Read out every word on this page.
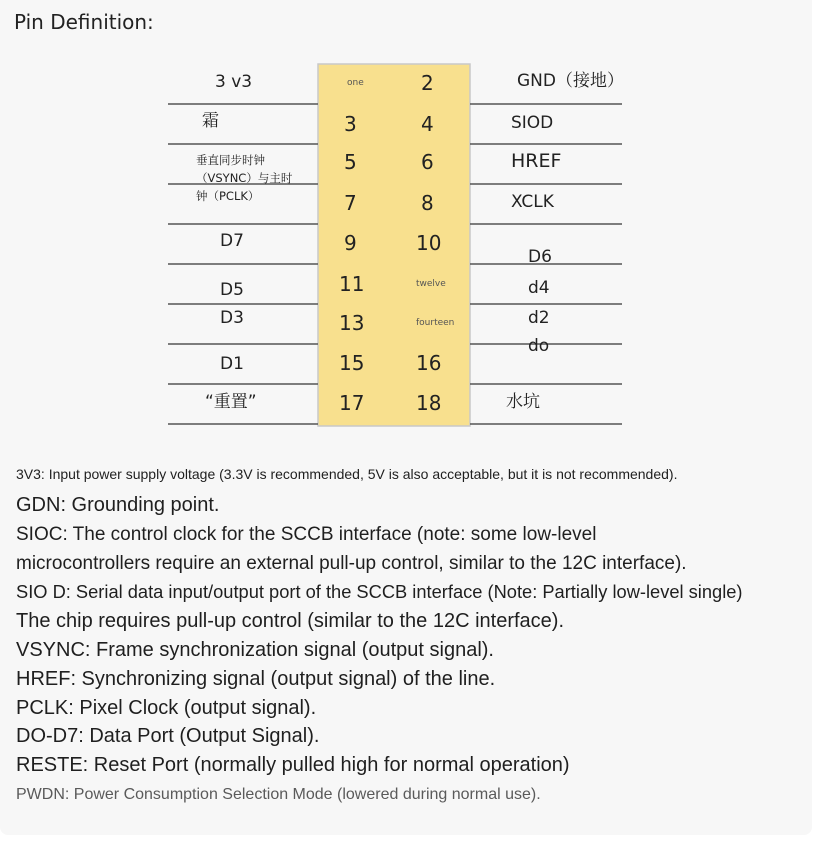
Pin Definition:
3 v3
霜
垂直同步时钟（VSYNC）与主时钟（PCLK）
D7
D5
D3
D1
“重置”
one
3
5
7
9
11
13
15
17
2
4
6
8
10
twelve
fourteen
16
18
GND（接地）
SIOD
HREF
XCLK
D6
d4
d2
do
水坑
3V3: Input power supply voltage (3.3V is recommended, 5V is also acceptable, but it is not recommended).
GDN: Grounding point.
SIOC: The control clock for the SCCB interface (note: some low-level
microcontrollers require an external pull-up control, similar to the 12C interface).
SIO D: Serial data input/output port of the SCCB interface (Note: Partially low-level single)
The chip requires pull-up control (similar to the 12C interface).
VSYNC: Frame synchronization signal (output signal).
HREF: Synchronizing signal (output signal) of the line.
PCLK: Pixel Clock (output signal).
DO-D7: Data Port (Output Signal).
RESTE: Reset Port (normally pulled high for normal operation)
PWDN: Power Consumption Selection Mode (lowered during normal use).
